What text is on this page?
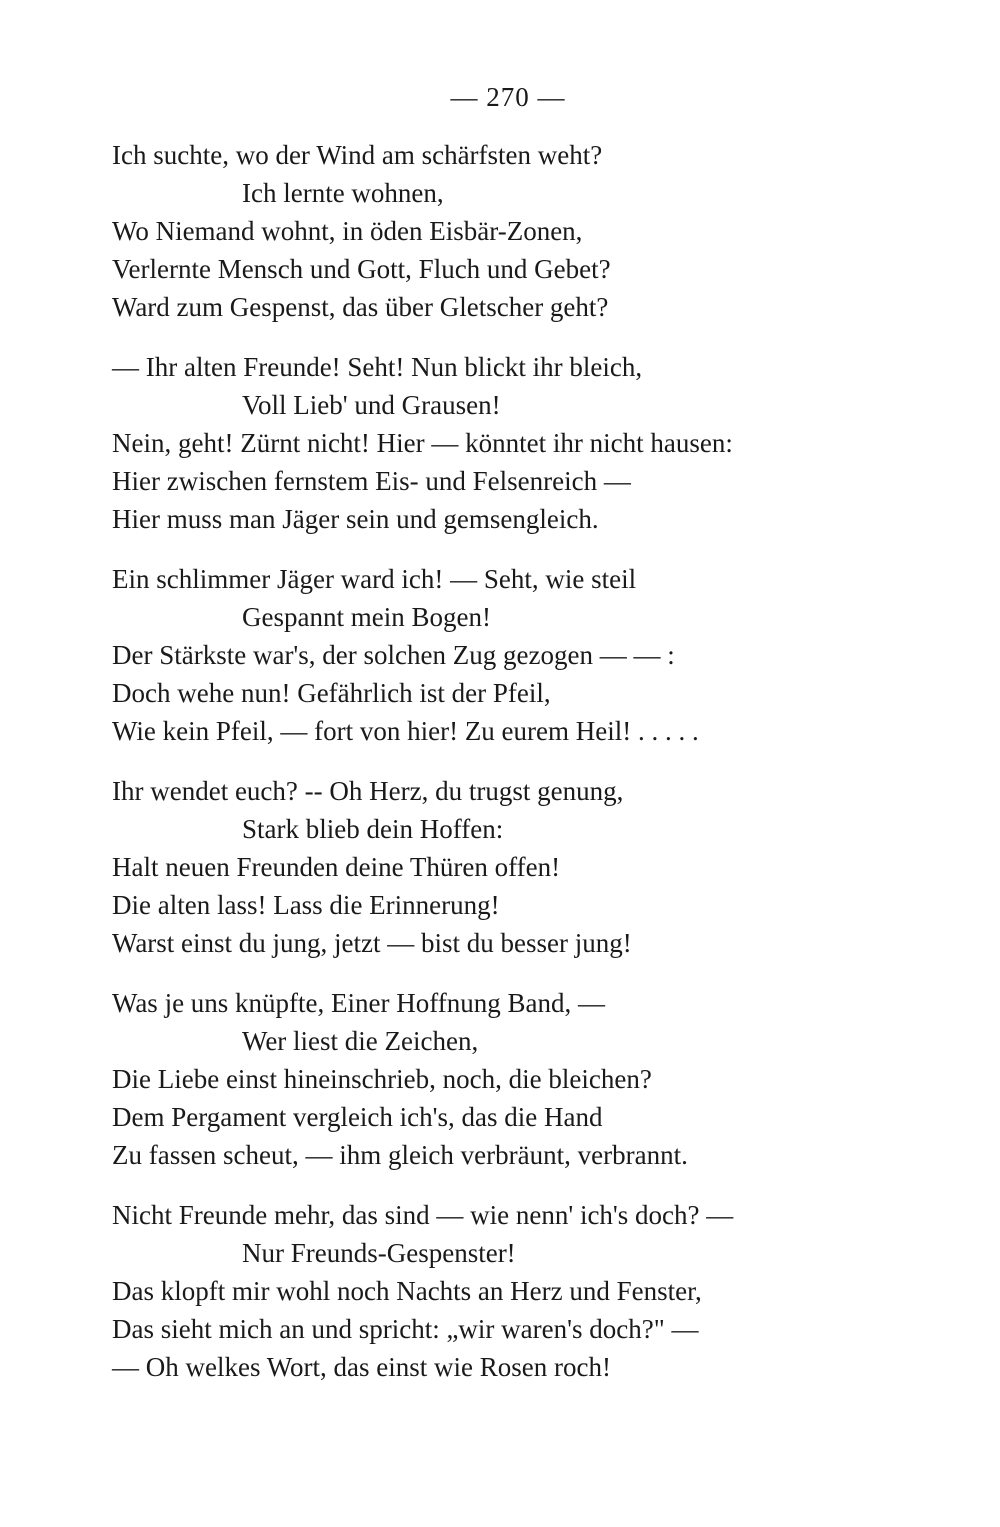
— 270 —
Ich suchte, wo der Wind am schärfsten weht?
Ich lernte wohnen,
Wo Niemand wohnt, in öden Eisbär-Zonen,
Verlernte Mensch und Gott, Fluch und Gebet?
Ward zum Gespenst, das über Gletscher geht?
— Ihr alten Freunde! Seht! Nun blickt ihr bleich,
Voll Lieb' und Grausen!
Nein, geht! Zürnt nicht! Hier — könntet ihr nicht hausen:
Hier zwischen fernstem Eis- und Felsenreich —
Hier muss man Jäger sein und gemsengleich.
Ein schlimmer Jäger ward ich! — Seht, wie steil
Gespannt mein Bogen!
Der Stärkste war's, der solchen Zug gezogen — — :
Doch wehe nun! Gefährlich ist der Pfeil,
Wie kein Pfeil, — fort von hier! Zu eurem Heil! . . . . .
Ihr wendet euch? -- Oh Herz, du trugst genung,
Stark blieb dein Hoffen:
Halt neuen Freunden deine Thüren offen!
Die alten lass! Lass die Erinnerung!
Warst einst du jung, jetzt — bist du besser jung!
Was je uns knüpfte, Einer Hoffnung Band, —
Wer liest die Zeichen,
Die Liebe einst hineinschrieb, noch, die bleichen?
Dem Pergament vergleich ich's, das die Hand
Zu fassen scheut, — ihm gleich verbräunt, verbrannt.
Nicht Freunde mehr, das sind — wie nenn' ich's doch? —
Nur Freunds-Gespenster!
Das klopft mir wohl noch Nachts an Herz und Fenster,
Das sieht mich an und spricht: „wir waren's doch?" —
— Oh welkes Wort, das einst wie Rosen roch!
